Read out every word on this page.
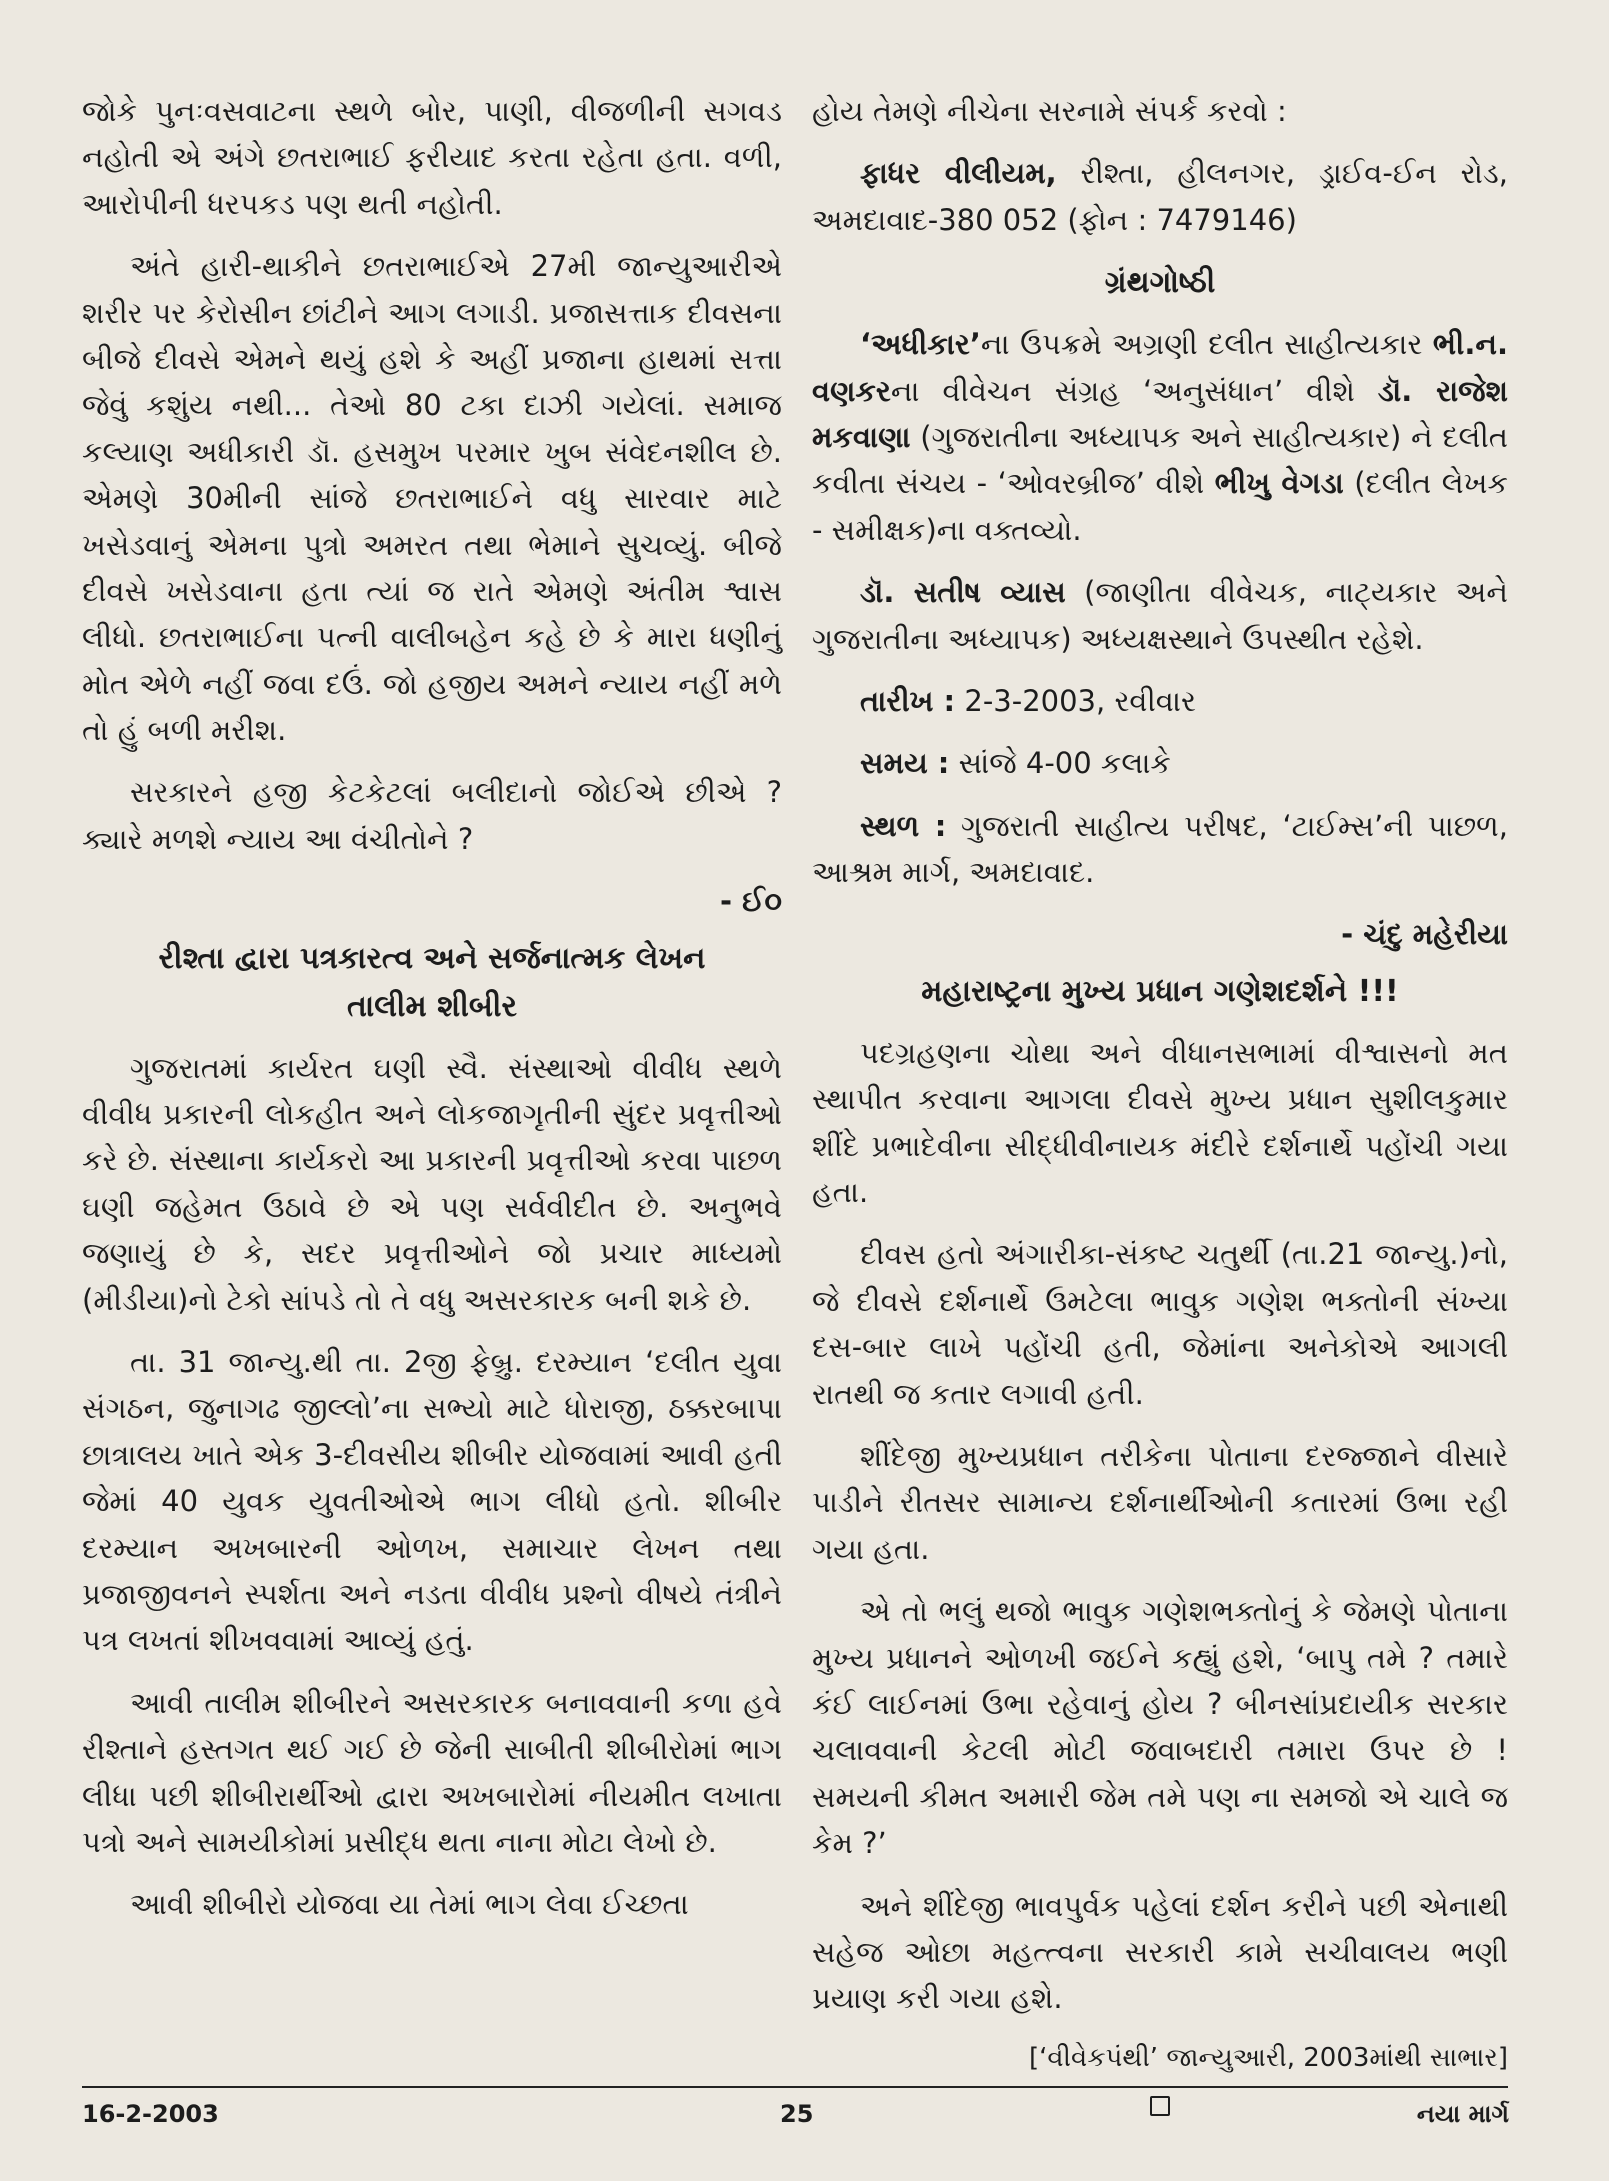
જોકે પુનઃવસવાટના સ્થળે બોર, પાણી, વીજળીની સગવડ નહોતી એ અંગે છતરાભાઈ ફરીયાદ કરતા રહેતા હતા. વળી, આરોપીની ધરપકડ પણ થતી નહોતી.

અંતે હારી-થાકીને છતરાભાઈએ 27મી જાન્યુઆરીએ શરીર પર કેરોસીન છાંટીને આગ લગાડી. પ્રજાસત્તાક દીવસના બીજે દીવસે એમને થયું હશે કે અહીં પ્રજાના હાથમાં સત્તા જેવું કશુંય નથી... તેઓ 80 ટકા દાઝી ગયેલાં. સમાજ કલ્યાણ અધીકારી ડૉ. હસમુખ પરમાર ખુબ સંવેદનશીલ છે. એમણે 30મીની સાંજે છતરાભાઈને વધુ સારવાર માટે ખસેડવાનું એમના પુત્રો અમરત તથા ભેમાને સુચવ્યું. બીજે દીવસે ખસેડવાના હતા ત્યાં જ રાતે એમણે અંતીમ શ્વાસ લીધો. છતરાભાઈના પત્ની વાલીબહેન કહે છે કે મારા ધણીનું મોત એળે નહીં જવા દઉં. જો હજીય અમને ન્યાય નહીં મળે તો હું બળી મરીશ.

સરકારને હજી કેટકેટલાં બલીદાનો જોઈએ છીએ ? ક્યારે મળશે ન્યાય આ વંચીતોને ?

- ઈ૦
રીશ્તા દ્વારા પત્રકારત્વ અને સર્જનાત્મક લેખન
તાલીમ શીબીર

ગુજરાતમાં કાર્યરત ઘણી સ્વૈ. સંસ્થાઓ વીવીધ સ્થળે વીવીધ પ્રકારની લોકહીત અને લોકજાગૃતીની સુંદર પ્રવૃત્તીઓ કરે છે. સંસ્થાના કાર્યકરો આ પ્રકારની પ્રવૃત્તીઓ કરવા પાછળ ઘણી જહેમત ઉઠાવે છે એ પણ સર્વવીદીત છે. અનુભવે જણાયું છે કે, સદર પ્રવૃત્તીઓને જો પ્રચાર માધ્યમો (મીડીયા)નો ટેકો સાંપડે તો તે વધુ અસરકારક બની શકે છે.

તા. 31 જાન્યુ.થી તા. 2જી ફેબ્રુ. દરમ્યાન ‘દલીત યુવા સંગઠન, જુનાગઢ જીલ્લો’ના સભ્યો માટે ધોરાજી, ઠક્કરબાપા છાત્રાલય ખાતે એક 3-દીવસીય શીબીર યોજવામાં આવી હતી જેમાં 40 યુવક યુવતીઓએ ભાગ લીધો હતો. શીબીર દરમ્યાન અખબારની ઓળખ, સમાચાર લેખન તથા પ્રજાજીવનને સ્પર્શતા અને નડતા વીવીધ પ્રશ્નો વીષયે તંત્રીને પત્ર લખતાં શીખવવામાં આવ્યું હતું.

આવી તાલીમ શીબીરને અસરકારક બનાવવાની કળા હવે રીશ્તાને હસ્તગત થઈ ગઈ છે જેની સાબીતી શીબીરોમાં ભાગ લીધા પછી શીબીરાર્થીઓ દ્વારા અખબારોમાં નીયમીત લખાતા પત્રો અને સામયીકોમાં પ્રસીદ્ધ થતા નાના મોટા લેખો છે.

આવી શીબીરો યોજવા યા તેમાં ભાગ લેવા ઈચ્છતા

હોય તેમણે નીચેના સરનામે સંપર્ક કરવો :

ફાધર વીલીયમ, રીશ્તા, હીલનગર, ડ્રાઈવ-ઈન રોડ, અમદાવાદ-380 052 (ફોન : 7479146)

ગ્રંથગોષ્ઠી

‘અધીકાર’ના ઉપક્રમે અગ્રણી દલીત સાહીત્યકાર ભી.ન. વણકરના વીવેચન સંગ્રહ ‘અનુસંધાન’ વીશે ડૉ. રાજેશ મકવાણા (ગુજરાતીના અધ્યાપક અને સાહીત્યકાર) ને દલીત કવીતા સંચય - ‘ઓવરબ્રીજ’ વીશે ભીખુ વેગડા (દલીત લેખક - સમીક્ષક)ના વક્તવ્યો.

ડૉ. સતીષ વ્યાસ (જાણીતા વીવેચક, નાટ્યકાર અને ગુજરાતીના અધ્યાપક) અધ્યક્ષસ્થાને ઉપસ્થીત રહેશે.

તારીખ : 2-3-2003, રવીવાર

સમય : સાંજે 4-00 કલાકે

સ્થળ : ગુજરાતી સાહીત્ય પરીષદ, ‘ટાઈમ્સ’ની પાછળ, આશ્રમ માર્ગ, અમદાવાદ.

- ચંદુ મહેરીયા
મહારાષ્ટ્રના મુખ્ય પ્રધાન ગણેશદર્શને !!!

પદગ્રહણના ચોથા અને વીધાનસભામાં વીશ્વાસનો મત સ્થાપીત કરવાના આગલા દીવસે મુખ્ય પ્રધાન સુશીલકુમાર શીંદે પ્રભાદેવીના સીદ્ધીવીનાયક મંદીરે દર્શનાર્થે પહોંચી ગયા હતા.

દીવસ હતો અંગારીકા-સંકષ્ટ ચતુર્થી (તા.21 જાન્યુ.)નો, જે દીવસે દર્શનાર્થે ઉમટેલા ભાવુક ગણેશ ભક્તોની સંખ્યા દસ-બાર લાખે પહોંચી હતી, જેમાંના અનેકોએ આગલી રાતથી જ કતાર લગાવી હતી.

શીંદેજી મુખ્યપ્રધાન તરીકેના પોતાના દરજ્જાને વીસારે પાડીને રીતસર સામાન્ય દર્શનાર્થીઓની કતારમાં ઉભા રહી ગયા હતા.

એ તો ભલું થજો ભાવુક ગણેશભક્તોનું કે જેમણે પોતાના મુખ્ય પ્રધાનને ઓળખી જઈને કહ્યું હશે, ‘બાપુ તમે ? તમારે કંઈ લાઈનમાં ઉભા રહેવાનું હોય ? બીનસાંપ્રદાયીક સરકાર ચલાવવાની કેટલી મોટી જવાબદારી તમારા ઉપર છે ! સમયની કીમત અમારી જેમ તમે પણ ના સમજો એ ચાલે જ કેમ ?’

અને શીંદેજી ભાવપુર્વક પહેલાં દર્શન કરીને પછી એનાથી સહેજ ઓછા મહત્ત્વના સરકારી કામે સચીવાલય ભણી પ્રયાણ કરી ગયા હશે.

[‘વીવેકપંથી’ જાન્યુઆરી, 2003માંથી સાભાર]
16-2-2003	25	નયા માર્ગ
